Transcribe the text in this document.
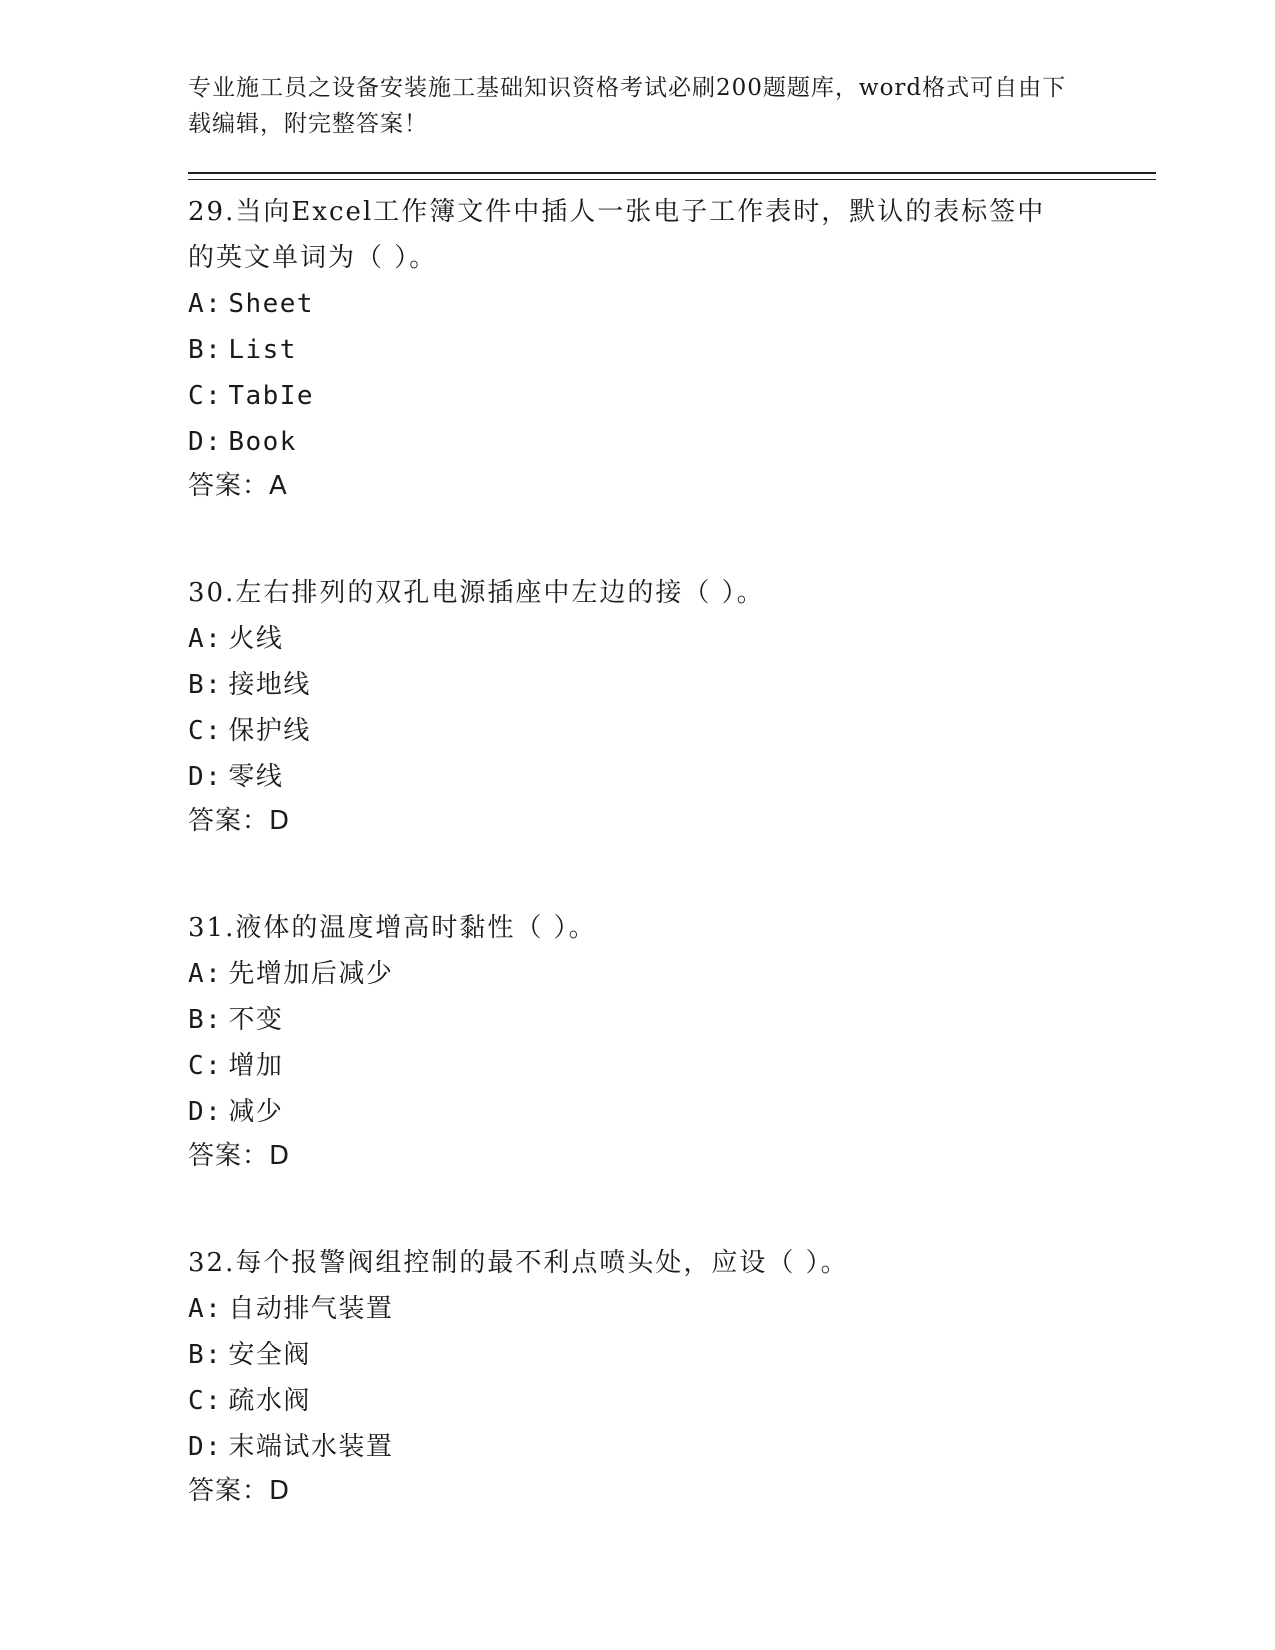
专业施工员之设备安装施工基础知识资格考试必刷200题题库，word格式可自由下载编辑，附完整答案！

29.当向Excel工作簿文件中插人一张电子工作表时，默认的表标签中的英文单词为（ ）。

A: Sheet

B: List

C: TabIe

D: Book

答案：A

30.左右排列的双孔电源插座中左边的接（ ）。

A: 火线

B: 接地线

C: 保护线

D: 零线

答案：D

31.液体的温度增高时黏性（ ）。

A: 先增加后减少

B: 不变

C: 增加

D: 减少

答案：D

32.每个报警阀组控制的最不利点喷头处，应设（ ）。

A: 自动排气装置

B: 安全阀

C: 疏水阀

D: 末端试水装置

答案：D
